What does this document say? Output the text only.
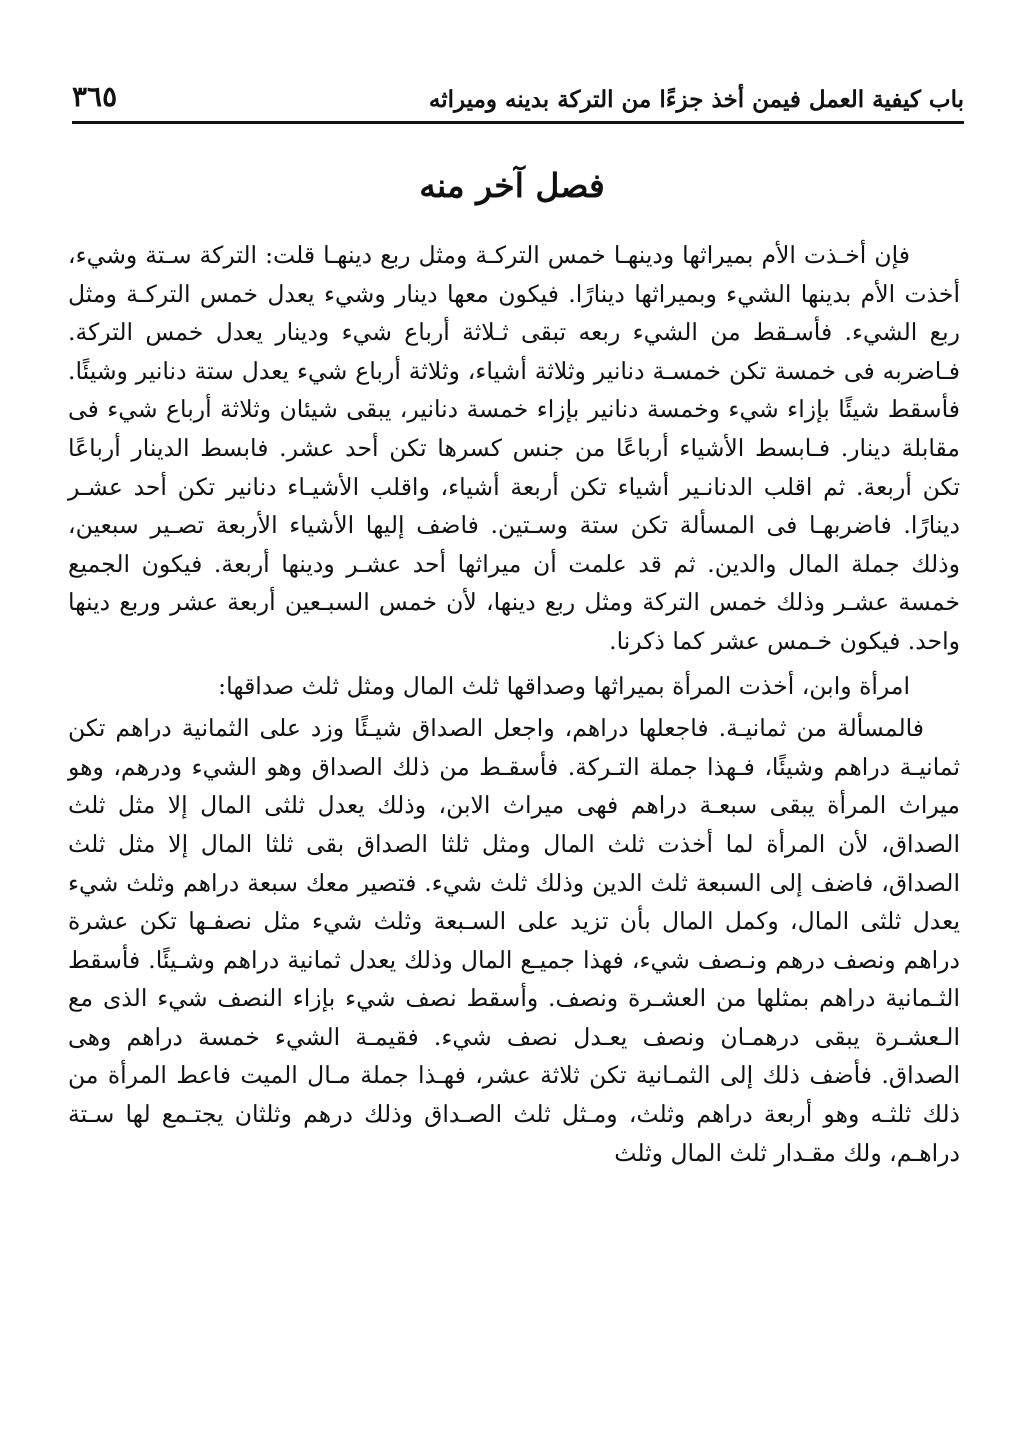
باب كيفية العمل فيمن أخذ جزءًا من التركة بدينه وميراثه
٣٦٥
فصل آخر منه

فإن أخـذت الأم بميراثها ودينهـا خمس التركـة ومثل ربع دينهـا قلت: التركة سـتة وشيء، أخذت الأم بدينها الشيء وبميراثها دينارًا. فيكون معها دينار وشيء يعدل خمس التركـة ومثل ربع الشيء. فأسـقط من الشيء ربعه تبقى ثـلاثة أرباع شيء ودينار يعدل خمس التركة. فـاضربه فى خمسة تكن خمسـة دنانير وثلاثة أشياء، وثلاثة أرباع شيء يعدل ستة دنانير وشيئًا. فأسقط شيئًا بإزاء شيء وخمسة دنانير بإزاء خمسة دنانير، يبقى شيئان وثلاثة أرباع شيء فى مقابلة دينار. فـابسط الأشياء أرباعًا من جنس كسرها تكن أحد عشر. فابسط الدينار أرباعًا تكن أربعة. ثم اقلب الدنانـير أشياء تكن أربعة أشياء، واقلب الأشيـاء دنانير تكن أحد عشـر دينارًا. فاضربهـا فى المسألة تكن ستة وسـتين. فاضف إليها الأشياء الأربعة تصـير سبعين، وذلك جملة المال والدين. ثم قد علمت أن ميراثها أحد عشـر ودينها أربعة. فيكون الجميع خمسة عشـر وذلك خمس التركة ومثل ربع دينها، لأن خمس السبـعين أربعة عشر وربع دينها واحد. فيكون خـمس عشر كما ذكرنا.

امرأة وابن، أخذت المرأة بميراثها وصداقها ثلث المال ومثل ثلث صداقها:

فالمسألة من ثمانيـة. فاجعلها دراهم، واجعل الصداق شيـئًا وزد على الثمانية دراهم تكن ثمانيـة دراهم وشيئًا، فـهذا جملة التـركة. فأسقـط من ذلك الصداق وهو الشيء ودرهم، وهو ميراث المرأة يبقى سبعـة دراهم فهى ميراث الابن، وذلك يعدل ثلثى المال إلا مثل ثلث الصداق، لأن المرأة لما أخذت ثلث المال ومثل ثلثا الصداق بقى ثلثا المال إلا مثل ثلث الصداق، فاضف إلى السبعة ثلث الدين وذلك ثلث شيء. فتصير معك سبعة دراهم وثلث شيء يعدل ثلثى المال، وكمل المال بأن تزيد على السـبعة وثلث شيء مثل نصفـها تكن عشرة دراهم ونصف درهم ونـصف شيء، فهذا جميـع المال وذلك يعدل ثمانية دراهم وشـيئًا. فأسقط الثـمانية دراهم بمثلها من العشـرة ونصف. وأسقط نصف شيء بإزاء النصف شيء الذى مع الـعشـرة يبقى درهمـان ونصف يعـدل نصف شيء. فقيمـة الشيء خمسة دراهم وهى الصداق. فأضف ذلك إلى الثمـانية تكن ثلاثة عشر، فهـذا جملة مـال الميت فاعط المرأة من ذلك ثلثـه وهو أربعة دراهم وثلث، ومـثل ثلث الصـداق وذلك درهم وثلثان يجتـمع لها سـتة دراهـم، ولك مقـدار ثلث المال وثلث
